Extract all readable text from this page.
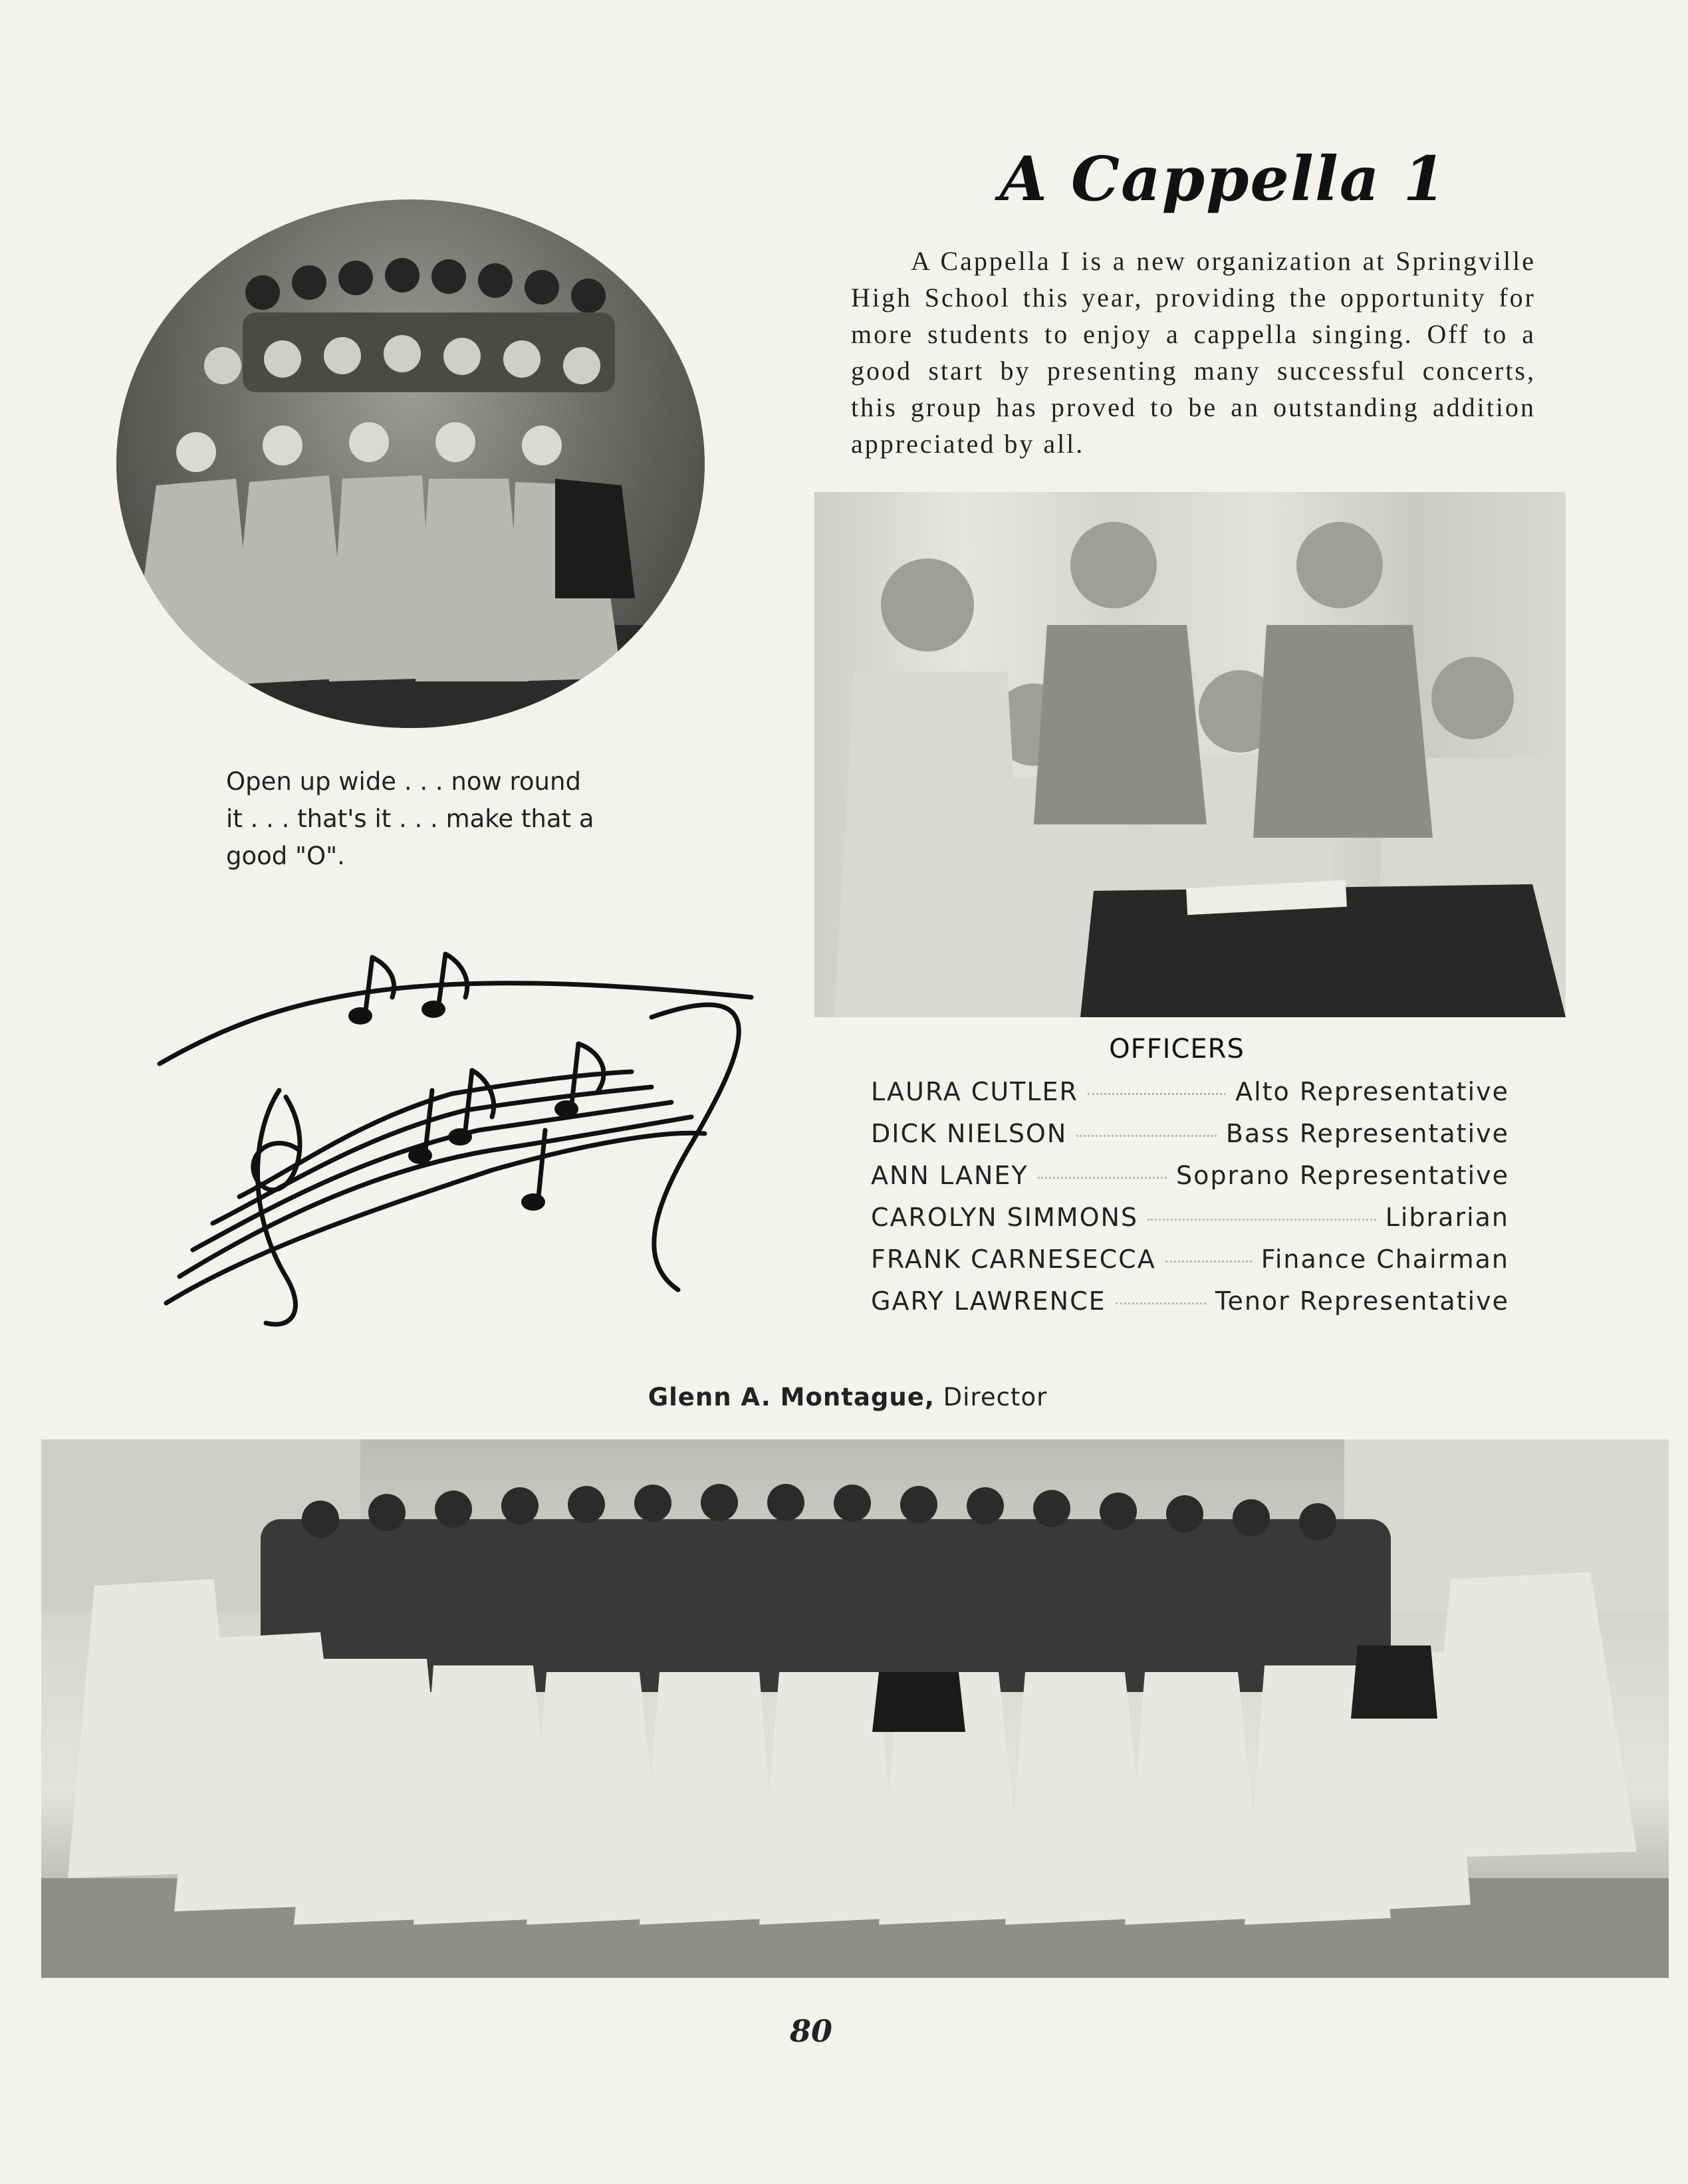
A Cappella 1
A Cappella I is a new organization at Springville High School this year, providing the opportunity for more students to enjoy a cappella singing. Off to a good start by presenting many successful concerts, this group has proved to be an outstanding addition appreciated by all.
Open up wide . . . now round it . . . that's it . . . make that a good "O".
OFFICERS
LAURA CUTLER	Alto Representative
DICK NIELSON	Bass Representative
ANN LANEY	Soprano Representative
CAROLYN SIMMONS	Librarian
FRANK CARNESECCA	Finance Chairman
GARY LAWRENCE	Tenor Representative
Glenn A. Montague, Director
80
